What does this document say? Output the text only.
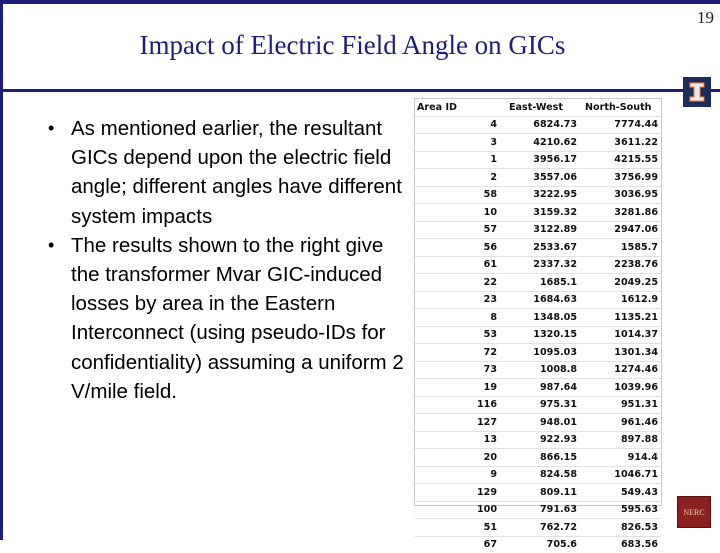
Impact of Electric Field Angle on GICs
19
• As mentioned earlier, the resultant GICs depend upon the electric field angle; different angles have different system impacts
• The results shown to the right give the transformer Mvar GIC-induced losses by area in the Eastern Interconnect (using pseudo-IDs for confidentiality) assuming a uniform 2 V/mile field.
Area ID	East-West	North-South
4	6824.73	7774.44
3	4210.62	3611.22
1	3956.17	4215.55
2	3557.06	3756.99
58	3222.95	3036.95
10	3159.32	3281.86
57	3122.89	2947.06
56	2533.67	1585.7
61	2337.32	2238.76
22	1685.1	2049.25
23	1684.63	1612.9
8	1348.05	1135.21
53	1320.15	1014.37
72	1095.03	1301.34
73	1008.8	1274.46
19	987.64	1039.96
116	975.31	951.31
127	948.01	961.46
13	922.93	897.88
20	866.15	914.4
9	824.58	1046.71
129	809.11	549.43
100	791.63	595.63
51	762.72	826.53
67	705.6	683.56
NERC
